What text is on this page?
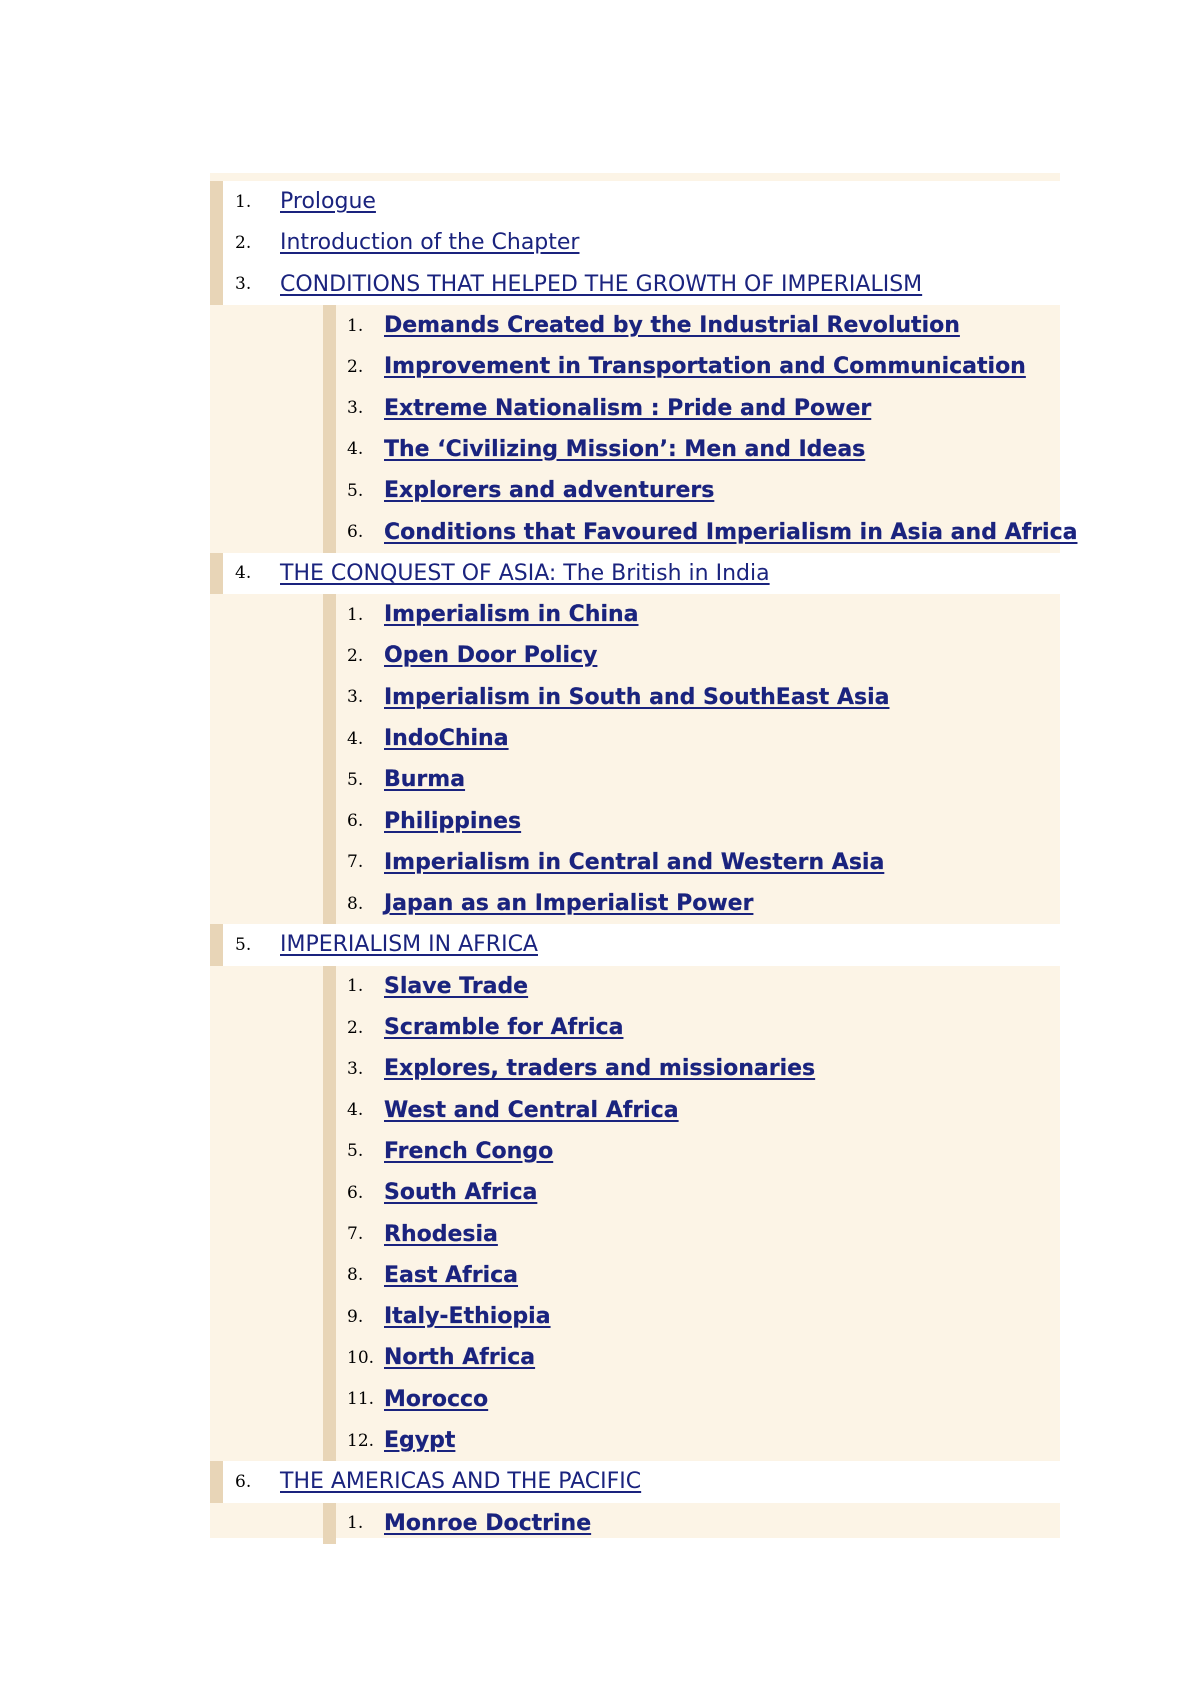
1.	Prologue
2.	Introduction of the Chapter
3.	CONDITIONS THAT HELPED THE GROWTH OF IMPERIALISM
1. Demands Created by the Industrial Revolution
2. Improvement in Transportation and Communication
3. Extreme Nationalism : Pride and Power
4. The ‘Civilizing Mission’: Men and Ideas
5. Explorers and adventurers
6. Conditions that Favoured Imperialism in Asia and Africa
4.	THE CONQUEST OF ASIA: The British in India
1. Imperialism in China
2. Open Door Policy
3. Imperialism in South and SouthEast Asia
4. IndoChina
5. Burma
6. Philippines
7. Imperialism in Central and Western Asia
8. Japan as an Imperialist Power
5.	IMPERIALISM IN AFRICA
1. Slave Trade
2. Scramble for Africa
3. Explores, traders and missionaries
4. West and Central Africa
5. French Congo
6. South Africa
7. Rhodesia
8. East Africa
9. Italy-Ethiopia
10. North Africa
11. Morocco
12. Egypt
6.	THE AMERICAS AND THE PACIFIC
1. Monroe Doctrine
